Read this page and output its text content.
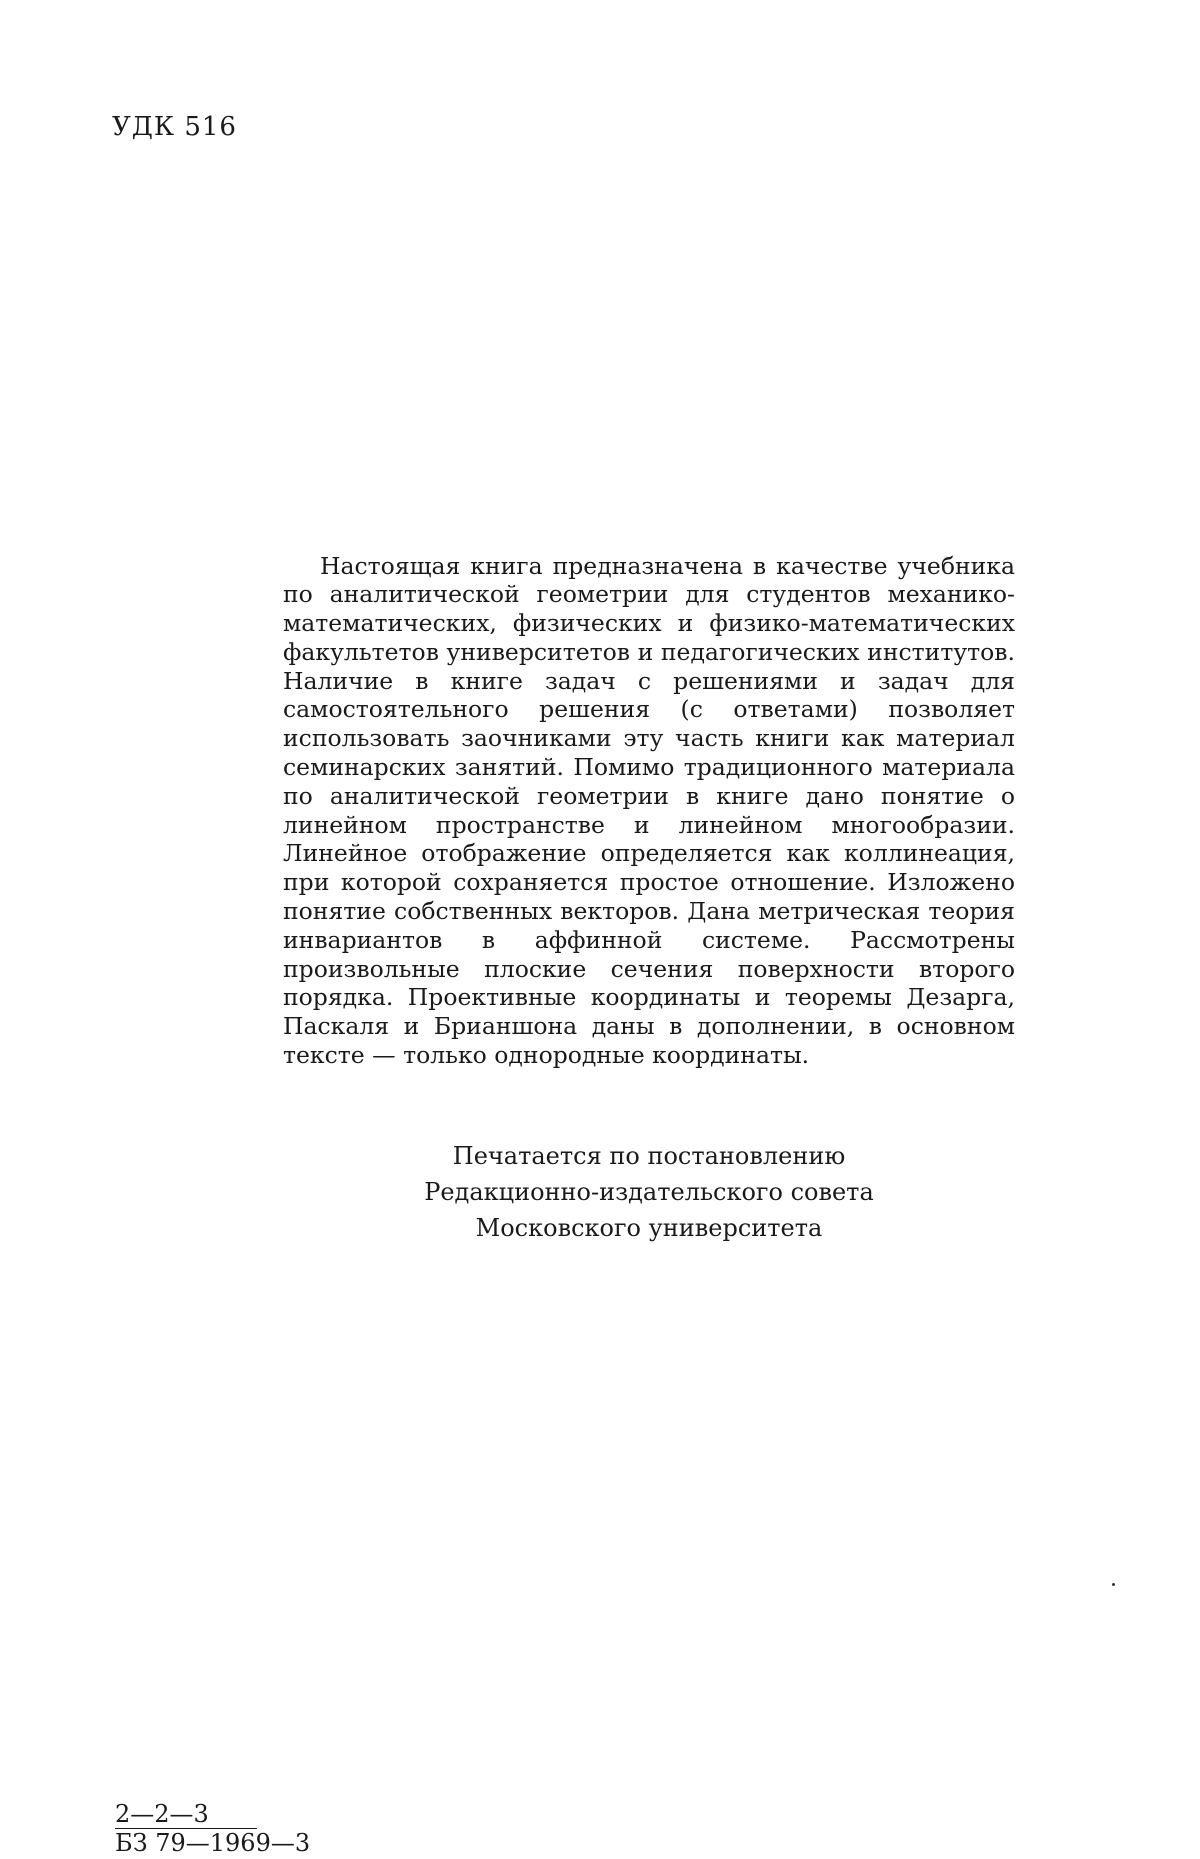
УДК 516

Настоящая книга предназначена в качестве учебника по аналитической геометрии для студентов механико-математических, физических и физико-математических факультетов университетов и педагогических институтов. Наличие в книге задач с решениями и задач для самостоятельного решения (с ответами) позволяет использовать заочниками эту часть книги как материал семинарских занятий. Помимо традиционного материала по аналитической геометрии в книге дано понятие о линейном пространстве и линейном многообразии. Линейное отображение определяется как коллинеация, при которой сохраняется простое отношение. Изложено понятие собственных векторов. Дана метрическая теория инвариантов в аффинной системе. Рассмотрены произвольные плоские сечения поверхности второго порядка. Проективные координаты и теоремы Дезарга, Паскаля и Брианшона даны в дополнении, в основном тексте — только однородные координаты.

Печатается по постановлению
Редакционно-издательского совета
Московского университета
2—2—3
БЗ 79—1969—3
